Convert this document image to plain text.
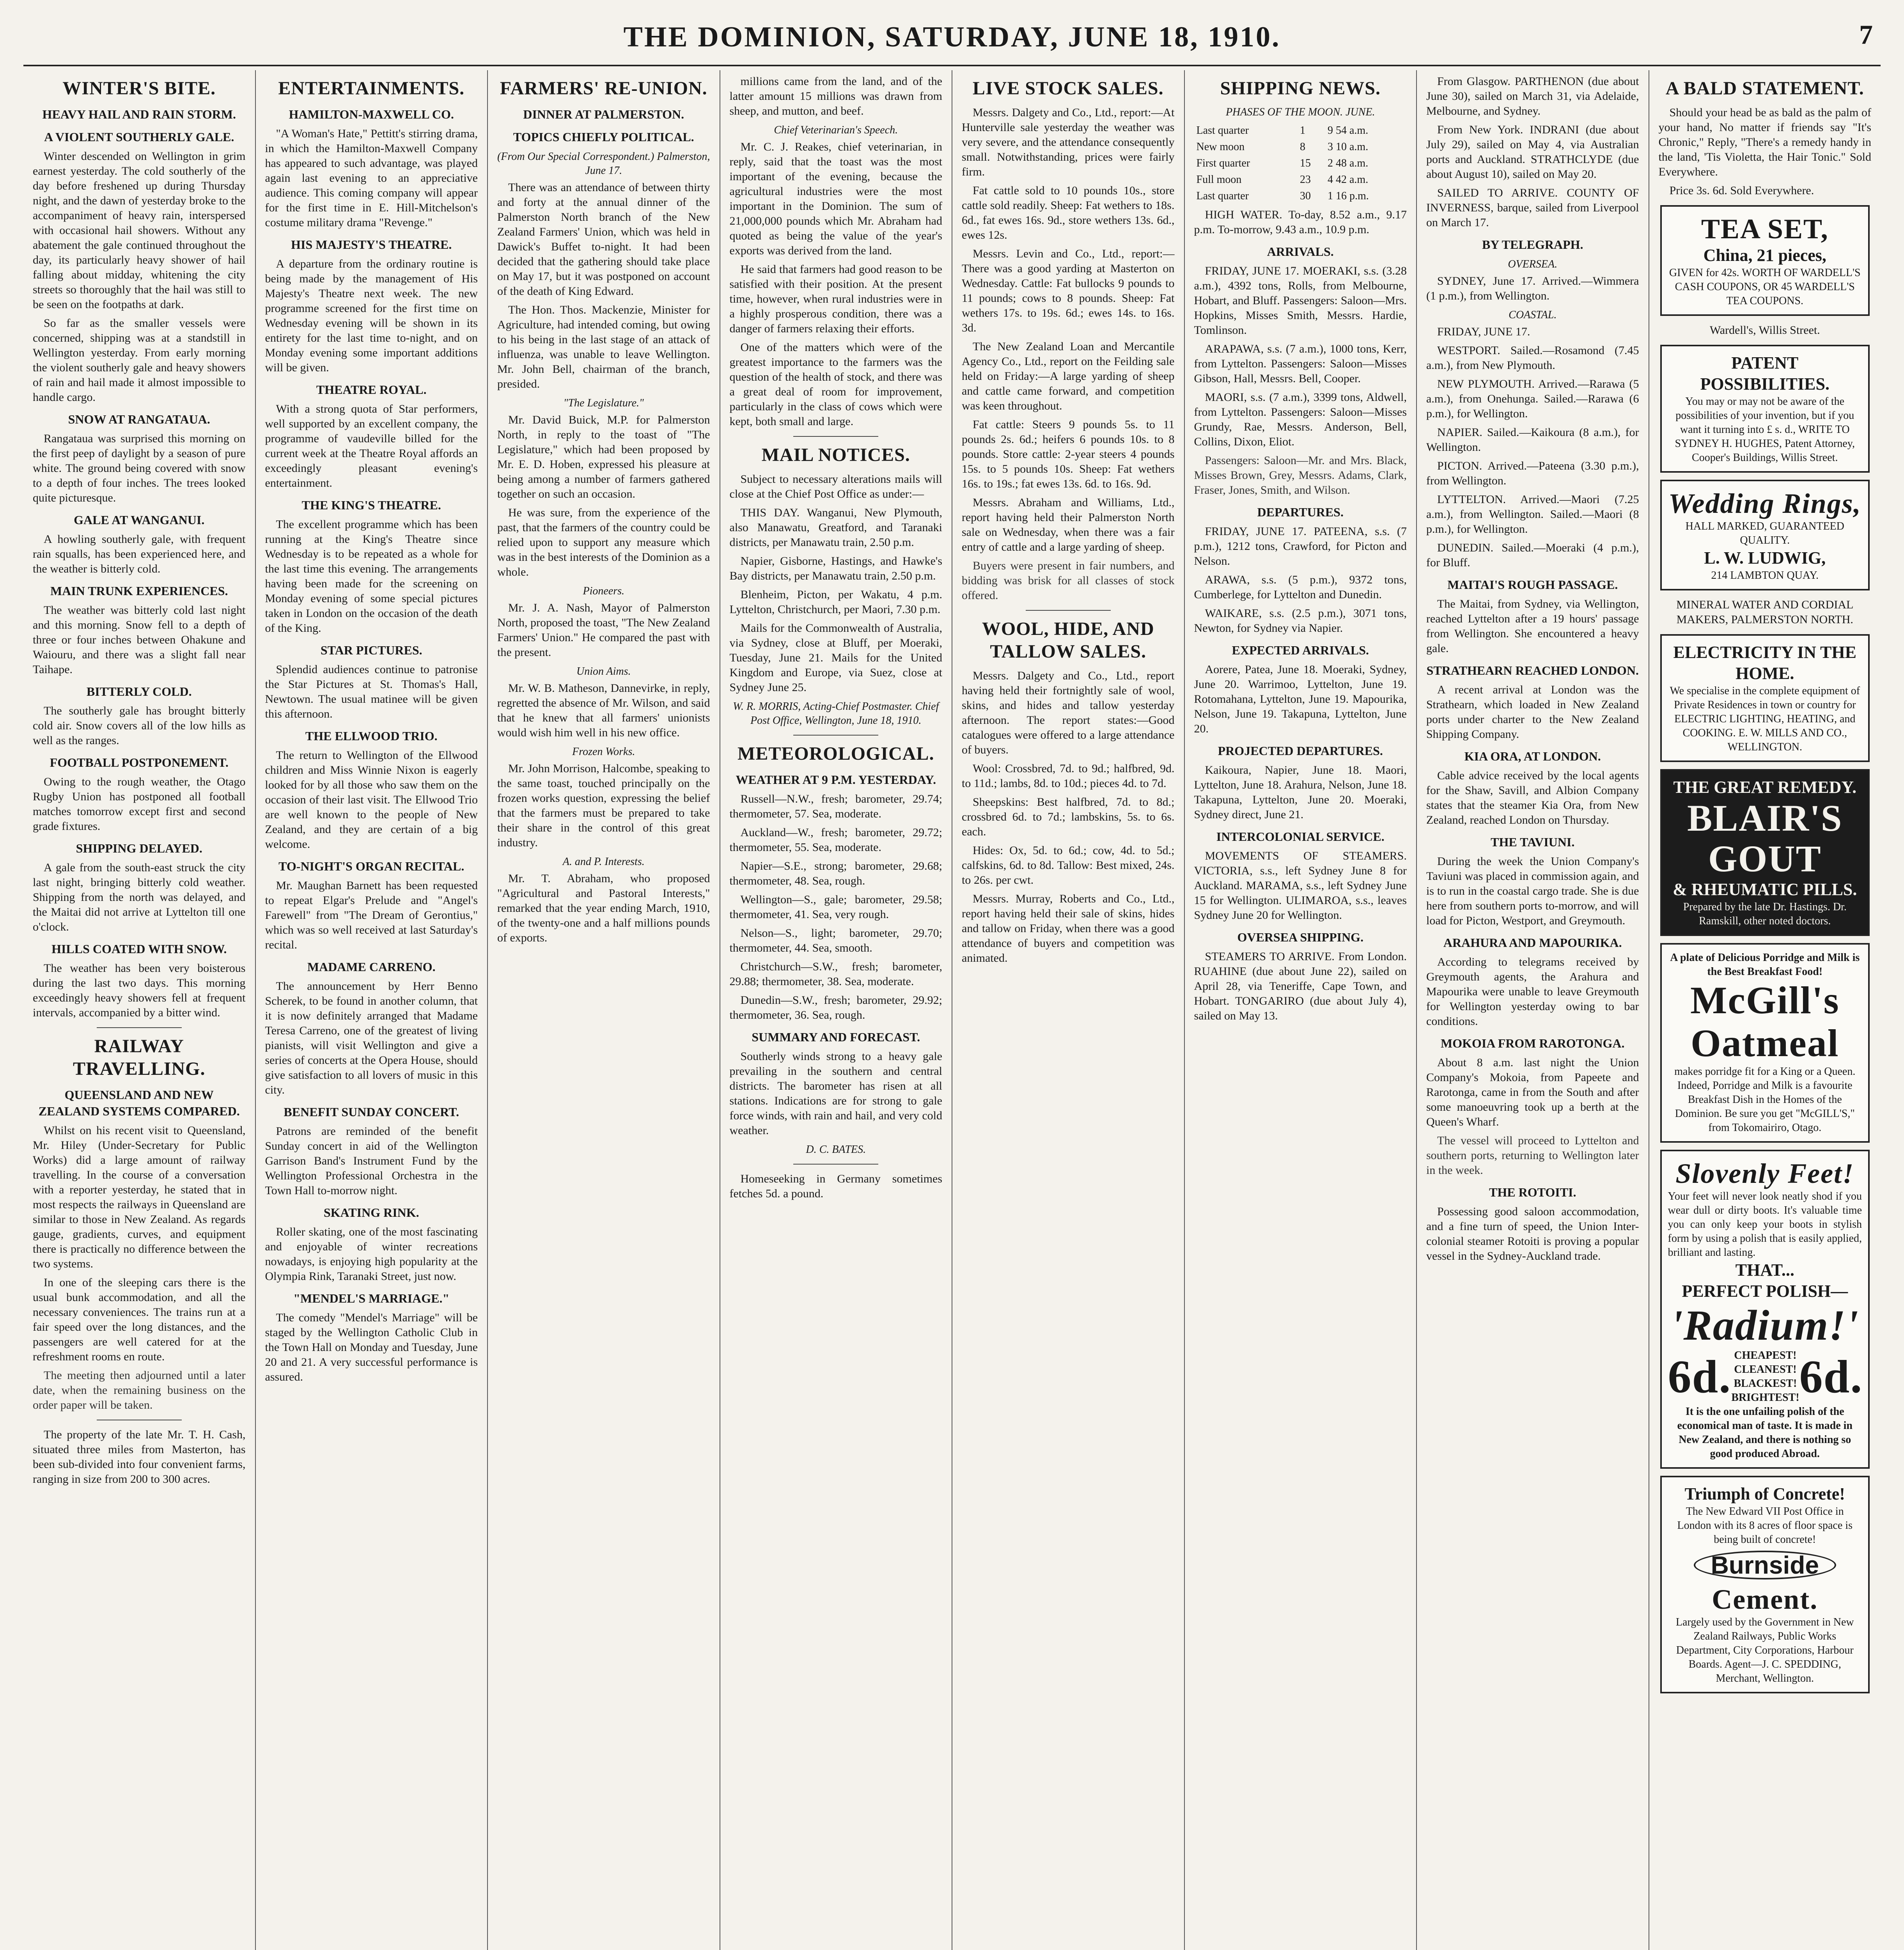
THE DOMINION, SATURDAY, JUNE 18, 1910.	7
WINTER'S BITE.
HEAVY HAIL AND RAIN STORM.
A VIOLENT SOUTHERLY GALE.

Winter descended on Wellington in grim earnest yesterday. The cold southerly of the day before freshened up during Thursday night, and the dawn of yesterday broke to the accompaniment of heavy rain, interspersed with occasional hail showers. Without any abatement the gale continued throughout the day, its particularly heavy shower of hail falling about midday, whitening the city streets so thoroughly that the hail was still to be seen on the footpaths at dark.

So far as the smaller vessels were concerned, shipping was at a standstill in Wellington yesterday. From early morning the violent southerly gale and heavy showers of rain and hail made it almost impossible to handle cargo.

SNOW AT RANGATAUA.

Rangataua was surprised this morning on the first peep of daylight by a season of pure white. The ground being covered with snow to a depth of four inches. The trees looked quite picturesque.

GALE AT WANGANUI.

A howling southerly gale, with frequent rain squalls, has been experienced here, and the weather is bitterly cold.

MAIN TRUNK EXPERIENCES.

The weather was bitterly cold last night and this morning. Snow fell to a depth of three or four inches between Ohakune and Waiouru, and there was a slight fall near Taihape.

BITTERLY COLD.

The southerly gale has brought bitterly cold air. Snow covers all of the low hills as well as the ranges.

FOOTBALL POSTPONEMENT.

Owing to the rough weather, the Otago Rugby Union has postponed all football matches tomorrow except first and second grade fixtures.

SHIPPING DELAYED.

A gale from the south-east struck the city last night, bringing bitterly cold weather. Shipping from the north was delayed, and the Maitai did not arrive at Lyttelton till one o'clock.

HILLS COATED WITH SNOW.

The weather has been very boisterous during the last two days. This morning exceedingly heavy showers fell at frequent intervals, accompanied by a bitter wind.

RAILWAY TRAVELLING.
QUEENSLAND AND NEW ZEALAND SYSTEMS COMPARED.

Whilst on his recent visit to Queensland, Mr. Hiley (Under-Secretary for Public Works) did a large amount of railway travelling. In the course of a conversation with a reporter yesterday, he stated that in most respects the railways in Queensland are similar to those in New Zealand. As regards gauge, gradients, curves, and equipment there is practically no difference between the two systems.

In one of the sleeping cars there is the usual bunk accommodation, and all the necessary conveniences. The trains run at a fair speed over the long distances, and the passengers are well catered for at the refreshment rooms en route.

The meeting then adjourned until a later date, when the remaining business on the order paper will be taken.

The property of the late Mr. T. H. Cash, situated three miles from Masterton, has been sub-divided into four convenient farms, ranging in size from 200 to 300 acres.

ENTERTAINMENTS.
HAMILTON-MAXWELL CO.

"A Woman's Hate," Pettitt's stirring drama, in which the Hamilton-Maxwell Company has appeared to such advantage, was played again last evening to an appreciative audience. This coming company will appear for the first time in E. Hill-Mitchelson's costume military drama "Revenge."

HIS MAJESTY'S THEATRE.

A departure from the ordinary routine is being made by the management of His Majesty's Theatre next week. The new programme screened for the first time on Wednesday evening will be shown in its entirety for the last time to-night, and on Monday evening some important additions will be given.

THEATRE ROYAL.

With a strong quota of Star performers, well supported by an excellent company, the programme of vaudeville billed for the current week at the Theatre Royal affords an exceedingly pleasant evening's entertainment.

THE KING'S THEATRE.

The excellent programme which has been running at the King's Theatre since Wednesday is to be repeated as a whole for the last time this evening. The arrangements having been made for the screening on Monday evening of some special pictures taken in London on the occasion of the death of the King.

STAR PICTURES.

Splendid audiences continue to patronise the Star Pictures at St. Thomas's Hall, Newtown. The usual matinee will be given this afternoon.

THE ELLWOOD TRIO.

The return to Wellington of the Ellwood children and Miss Winnie Nixon is eagerly looked for by all those who saw them on the occasion of their last visit. The Ellwood Trio are well known to the people of New Zealand, and they are certain of a big welcome.

TO-NIGHT'S ORGAN RECITAL.

Mr. Maughan Barnett has been requested to repeat Elgar's Prelude and "Angel's Farewell" from "The Dream of Gerontius," which was so well received at last Saturday's recital.

MADAME CARRENO.

The announcement by Herr Benno Scherek, to be found in another column, that it is now definitely arranged that Madame Teresa Carreno, one of the greatest of living pianists, will visit Wellington and give a series of concerts at the Opera House, should give satisfaction to all lovers of music in this city.

BENEFIT SUNDAY CONCERT.

Patrons are reminded of the benefit Sunday concert in aid of the Wellington Garrison Band's Instrument Fund by the Wellington Professional Orchestra in the Town Hall to-morrow night.

SKATING RINK.

Roller skating, one of the most fascinating and enjoyable of winter recreations nowadays, is enjoying high popularity at the Olympia Rink, Taranaki Street, just now.

"MENDEL'S MARRIAGE."

The comedy "Mendel's Marriage" will be staged by the Wellington Catholic Club in the Town Hall on Monday and Tuesday, June 20 and 21. A very successful performance is assured.

FARMERS' RE-UNION.
DINNER AT PALMERSTON.
TOPICS CHIEFLY POLITICAL.
(From Our Special Correspondent.) Palmerston, June 17.

There was an attendance of between thirty and forty at the annual dinner of the Palmerston North branch of the New Zealand Farmers' Union, which was held in Dawick's Buffet to-night. It had been decided that the gathering should take place on May 17, but it was postponed on account of the death of King Edward.

The Hon. Thos. Mackenzie, Minister for Agriculture, had intended coming, but owing to his being in the last stage of an attack of influenza, was unable to leave Wellington. Mr. John Bell, chairman of the branch, presided.

"The Legislature."

Mr. David Buick, M.P. for Palmerston North, in reply to the toast of "The Legislature," which had been proposed by Mr. E. D. Hoben, expressed his pleasure at being among a number of farmers gathered together on such an occasion.

He was sure, from the experience of the past, that the farmers of the country could be relied upon to support any measure which was in the best interests of the Dominion as a whole.

Pioneers.

Mr. J. A. Nash, Mayor of Palmerston North, proposed the toast, "The New Zealand Farmers' Union." He compared the past with the present.

Union Aims.

Mr. W. B. Matheson, Dannevirke, in reply, regretted the absence of Mr. Wilson, and said that he knew that all farmers' unionists would wish him well in his new office.

Frozen Works.

Mr. John Morrison, Halcombe, speaking to the same toast, touched principally on the frozen works question, expressing the belief that the farmers must be prepared to take their share in the control of this great industry.

A. and P. Interests.

Mr. T. Abraham, who proposed "Agricultural and Pastoral Interests," remarked that the year ending March, 1910, of the twenty-one and a half millions pounds of exports.

millions came from the land, and of the latter amount 15 millions was drawn from sheep, and mutton, and beef.

Chief Veterinarian's Speech.

Mr. C. J. Reakes, chief veterinarian, in reply, said that the toast was the most important of the evening, because the agricultural industries were the most important in the Dominion. The sum of 21,000,000 pounds which Mr. Abraham had quoted as being the value of the year's exports was derived from the land.

He said that farmers had good reason to be satisfied with their position. At the present time, however, when rural industries were in a highly prosperous condition, there was a danger of farmers relaxing their efforts.

One of the matters which were of the greatest importance to the farmers was the question of the health of stock, and there was a great deal of room for improvement, particularly in the class of cows which were kept, both small and large.

MAIL NOTICES.

Subject to necessary alterations mails will close at the Chief Post Office as under:—

THIS DAY. Wanganui, New Plymouth, also Manawatu, Greatford, and Taranaki districts, per Manawatu train, 2.50 p.m.

Napier, Gisborne, Hastings, and Hawke's Bay districts, per Manawatu train, 2.50 p.m.

Blenheim, Picton, per Wakatu, 4 p.m. Lyttelton, Christchurch, per Maori, 7.30 p.m.

Mails for the Commonwealth of Australia, via Sydney, close at Bluff, per Moeraki, Tuesday, June 21. Mails for the United Kingdom and Europe, via Suez, close at Sydney June 25.

W. R. MORRIS, Acting-Chief Postmaster. Chief Post Office, Wellington, June 18, 1910.
METEOROLOGICAL.
WEATHER AT 9 P.M. YESTERDAY.

Russell—N.W., fresh; barometer, 29.74; thermometer, 57. Sea, moderate.

Auckland—W., fresh; barometer, 29.72; thermometer, 55. Sea, moderate.

Napier—S.E., strong; barometer, 29.68; thermometer, 48. Sea, rough.

Wellington—S., gale; barometer, 29.58; thermometer, 41. Sea, very rough.

Nelson—S., light; barometer, 29.70; thermometer, 44. Sea, smooth.

Christchurch—S.W., fresh; barometer, 29.88; thermometer, 38. Sea, moderate.

Dunedin—S.W., fresh; barometer, 29.92; thermometer, 36. Sea, rough.

SUMMARY AND FORECAST.

Southerly winds strong to a heavy gale prevailing in the southern and central districts. The barometer has risen at all stations. Indications are for strong to gale force winds, with rain and hail, and very cold weather.

D. C. BATES.

Homeseeking in Germany sometimes fetches 5d. a pound.

LIVE STOCK SALES.

Messrs. Dalgety and Co., Ltd., report:—At Hunterville sale yesterday the weather was very severe, and the attendance consequently small. Notwithstanding, prices were fairly firm.

Fat cattle sold to 10 pounds 10s., store cattle sold readily. Sheep: Fat wethers to 18s. 6d., fat ewes 16s. 9d., store wethers 13s. 6d., ewes 12s.

Messrs. Levin and Co., Ltd., report:—There was a good yarding at Masterton on Wednesday. Cattle: Fat bullocks 9 pounds to 11 pounds; cows to 8 pounds. Sheep: Fat wethers 17s. to 19s. 6d.; ewes 14s. to 16s. 3d.

The New Zealand Loan and Mercantile Agency Co., Ltd., report on the Feilding sale held on Friday:—A large yarding of sheep and cattle came forward, and competition was keen throughout.

Fat cattle: Steers 9 pounds 5s. to 11 pounds 2s. 6d.; heifers 6 pounds 10s. to 8 pounds. Store cattle: 2-year steers 4 pounds 15s. to 5 pounds 10s. Sheep: Fat wethers 16s. to 19s.; fat ewes 13s. 6d. to 16s. 9d.

Messrs. Abraham and Williams, Ltd., report having held their Palmerston North sale on Wednesday, when there was a fair entry of cattle and a large yarding of sheep.

Buyers were present in fair numbers, and bidding was brisk for all classes of stock offered.

WOOL, HIDE, AND TALLOW SALES.

Messrs. Dalgety and Co., Ltd., report having held their fortnightly sale of wool, skins, and hides and tallow yesterday afternoon. The report states:—Good catalogues were offered to a large attendance of buyers.

Wool: Crossbred, 7d. to 9d.; halfbred, 9d. to 11d.; lambs, 8d. to 10d.; pieces 4d. to 7d.

Sheepskins: Best halfbred, 7d. to 8d.; crossbred 6d. to 7d.; lambskins, 5s. to 6s. each.

Hides: Ox, 5d. to 6d.; cow, 4d. to 5d.; calfskins, 6d. to 8d. Tallow: Best mixed, 24s. to 26s. per cwt.

Messrs. Murray, Roberts and Co., Ltd., report having held their sale of skins, hides and tallow on Friday, when there was a good attendance of buyers and competition was animated.

SHIPPING NEWS.
PHASES OF THE MOON. JUNE.
Last quarter	1	9 54 a.m.
New moon	8	3 10 a.m.
First quarter	15	2 48 a.m.
Full moon	23	4 42 a.m.
Last quarter	30	1 16 p.m.

HIGH WATER. To-day, 8.52 a.m., 9.17 p.m. To-morrow, 9.43 a.m., 10.9 p.m.

ARRIVALS.

FRIDAY, JUNE 17. MOERAKI, s.s. (3.28 a.m.), 4392 tons, Rolls, from Melbourne, Hobart, and Bluff. Passengers: Saloon—Mrs. Hopkins, Misses Smith, Messrs. Hardie, Tomlinson.

ARAPAWA, s.s. (7 a.m.), 1000 tons, Kerr, from Lyttelton. Passengers: Saloon—Misses Gibson, Hall, Messrs. Bell, Cooper.

MAORI, s.s. (7 a.m.), 3399 tons, Aldwell, from Lyttelton. Passengers: Saloon—Misses Grundy, Rae, Messrs. Anderson, Bell, Collins, Dixon, Eliot.

Passengers: Saloon—Mr. and Mrs. Black, Misses Brown, Grey, Messrs. Adams, Clark, Fraser, Jones, Smith, and Wilson.

DEPARTURES.

FRIDAY, JUNE 17. PATEENA, s.s. (7 p.m.), 1212 tons, Crawford, for Picton and Nelson.

ARAWA, s.s. (5 p.m.), 9372 tons, Cumberlege, for Lyttelton and Dunedin.

WAIKARE, s.s. (2.5 p.m.), 3071 tons, Newton, for Sydney via Napier.

EXPECTED ARRIVALS.

Aorere, Patea, June 18. Moeraki, Sydney, June 20. Warrimoo, Lyttelton, June 19. Rotomahana, Lyttelton, June 19. Mapourika, Nelson, June 19. Takapuna, Lyttelton, June 20.

PROJECTED DEPARTURES.

Kaikoura, Napier, June 18. Maori, Lyttelton, June 18. Arahura, Nelson, June 18. Takapuna, Lyttelton, June 20. Moeraki, Sydney direct, June 21.

INTERCOLONIAL SERVICE.

MOVEMENTS OF STEAMERS. VICTORIA, s.s., left Sydney June 8 for Auckland. MARAMA, s.s., left Sydney June 15 for Wellington. ULIMAROA, s.s., leaves Sydney June 20 for Wellington.

OVERSEA SHIPPING.

STEAMERS TO ARRIVE. From London. RUAHINE (due about June 22), sailed on April 28, via Teneriffe, Cape Town, and Hobart. TONGARIRO (due about July 4), sailed on May 13.

From Glasgow. PARTHENON (due about June 30), sailed on March 31, via Adelaide, Melbourne, and Sydney.

From New York. INDRANI (due about July 29), sailed on May 4, via Australian ports and Auckland. STRATHCLYDE (due about August 10), sailed on May 20.

SAILED TO ARRIVE. COUNTY OF INVERNESS, barque, sailed from Liverpool on March 17.

BY TELEGRAPH.
OVERSEA.

SYDNEY, June 17. Arrived.—Wimmera (1 p.m.), from Wellington.

COASTAL.

FRIDAY, JUNE 17.

WESTPORT. Sailed.—Rosamond (7.45 a.m.), from New Plymouth.

NEW PLYMOUTH. Arrived.—Rarawa (5 a.m.), from Onehunga. Sailed.—Rarawa (6 p.m.), for Wellington.

NAPIER. Sailed.—Kaikoura (8 a.m.), for Wellington.

PICTON. Arrived.—Pateena (3.30 p.m.), from Wellington.

LYTTELTON. Arrived.—Maori (7.25 a.m.), from Wellington. Sailed.—Maori (8 p.m.), for Wellington.

DUNEDIN. Sailed.—Moeraki (4 p.m.), for Bluff.

MAITAI'S ROUGH PASSAGE.

The Maitai, from Sydney, via Wellington, reached Lyttelton after a 19 hours' passage from Wellington. She encountered a heavy gale.

STRATHEARN REACHED LONDON.

A recent arrival at London was the Strathearn, which loaded in New Zealand ports under charter to the New Zealand Shipping Company.

KIA ORA, AT LONDON.

Cable advice received by the local agents for the Shaw, Savill, and Albion Company states that the steamer Kia Ora, from New Zealand, reached London on Thursday.

THE TAVIUNI.

During the week the Union Company's Taviuni was placed in commission again, and is to run in the coastal cargo trade. She is due here from southern ports to-morrow, and will load for Picton, Westport, and Greymouth.

ARAHURA AND MAPOURIKA.

According to telegrams received by Greymouth agents, the Arahura and Mapourika were unable to leave Greymouth for Wellington yesterday owing to bar conditions.

MOKOIA FROM RAROTONGA.

About 8 a.m. last night the Union Company's Mokoia, from Papeete and Rarotonga, came in from the South and after some manoeuvring took up a berth at the Queen's Wharf.

The vessel will proceed to Lyttelton and southern ports, returning to Wellington later in the week.

THE ROTOITI.

Possessing good saloon accommodation, and a fine turn of speed, the Union Inter-colonial steamer Rotoiti is proving a popular vessel in the Sydney-Auckland trade.

A BALD STATEMENT.

Should your head be as bald as the palm of your hand, No matter if friends say "It's Chronic," Reply, "There's a remedy handy in the land, 'Tis Violetta, the Hair Tonic." Sold Everywhere.

Price 3s. 6d. Sold Everywhere.

TEA SET,
China, 21 pieces,
GIVEN for 42s. WORTH OF WARDELL'S CASH COUPONS, OR 45 WARDELL'S TEA COUPONS.
Wardell's, Willis Street.
PATENT POSSIBILITIES.
You may or may not be aware of the possibilities of your invention, but if you want it turning into £ s. d., WRITE TO SYDNEY H. HUGHES, Patent Attorney, Cooper's Buildings, Willis Street.
Wedding Rings,
HALL MARKED, GUARANTEED QUALITY.
L. W. LUDWIG,
214 LAMBTON QUAY.

MINERAL WATER AND CORDIAL MAKERS, PALMERSTON NORTH.

ELECTRICITY IN THE HOME.
We specialise in the complete equipment of Private Residences in town or country for ELECTRIC LIGHTING, HEATING, and COOKING. E. W. MILLS AND CO., WELLINGTON.
THE GREAT REMEDY.
BLAIR'S
GOUT
& RHEUMATIC PILLS.
Prepared by the late Dr. Hastings. Dr. Ramskill, other noted doctors.
A plate of Delicious Porridge and Milk is the Best Breakfast Food!
McGill's
Oatmeal
makes porridge fit for a King or a Queen. Indeed, Porridge and Milk is a favourite Breakfast Dish in the Homes of the Dominion. Be sure you get "McGILL'S," from Tokomairiro, Otago.
Slovenly Feet!
Your feet will never look neatly shod if you wear dull or dirty boots. It's valuable time you can only keep your boots in stylish form by using a polish that is easily applied, brilliant and lasting.
THAT...
PERFECT POLISH—
'Radium!'
6d. CHEAPEST! CLEANEST! BLACKEST! BRIGHTEST! 6d.
It is the one unfailing polish of the economical man of taste. It is made in New Zealand, and there is nothing so good produced Abroad.
Triumph of Concrete!
The New Edward VII Post Office in London with its 8 acres of floor space is being built of concrete!
Burnside
Cement.
Largely used by the Government in New Zealand Railways, Public Works Department, City Corporations, Harbour Boards. Agent—J. C. SPEDDING, Merchant, Wellington.
